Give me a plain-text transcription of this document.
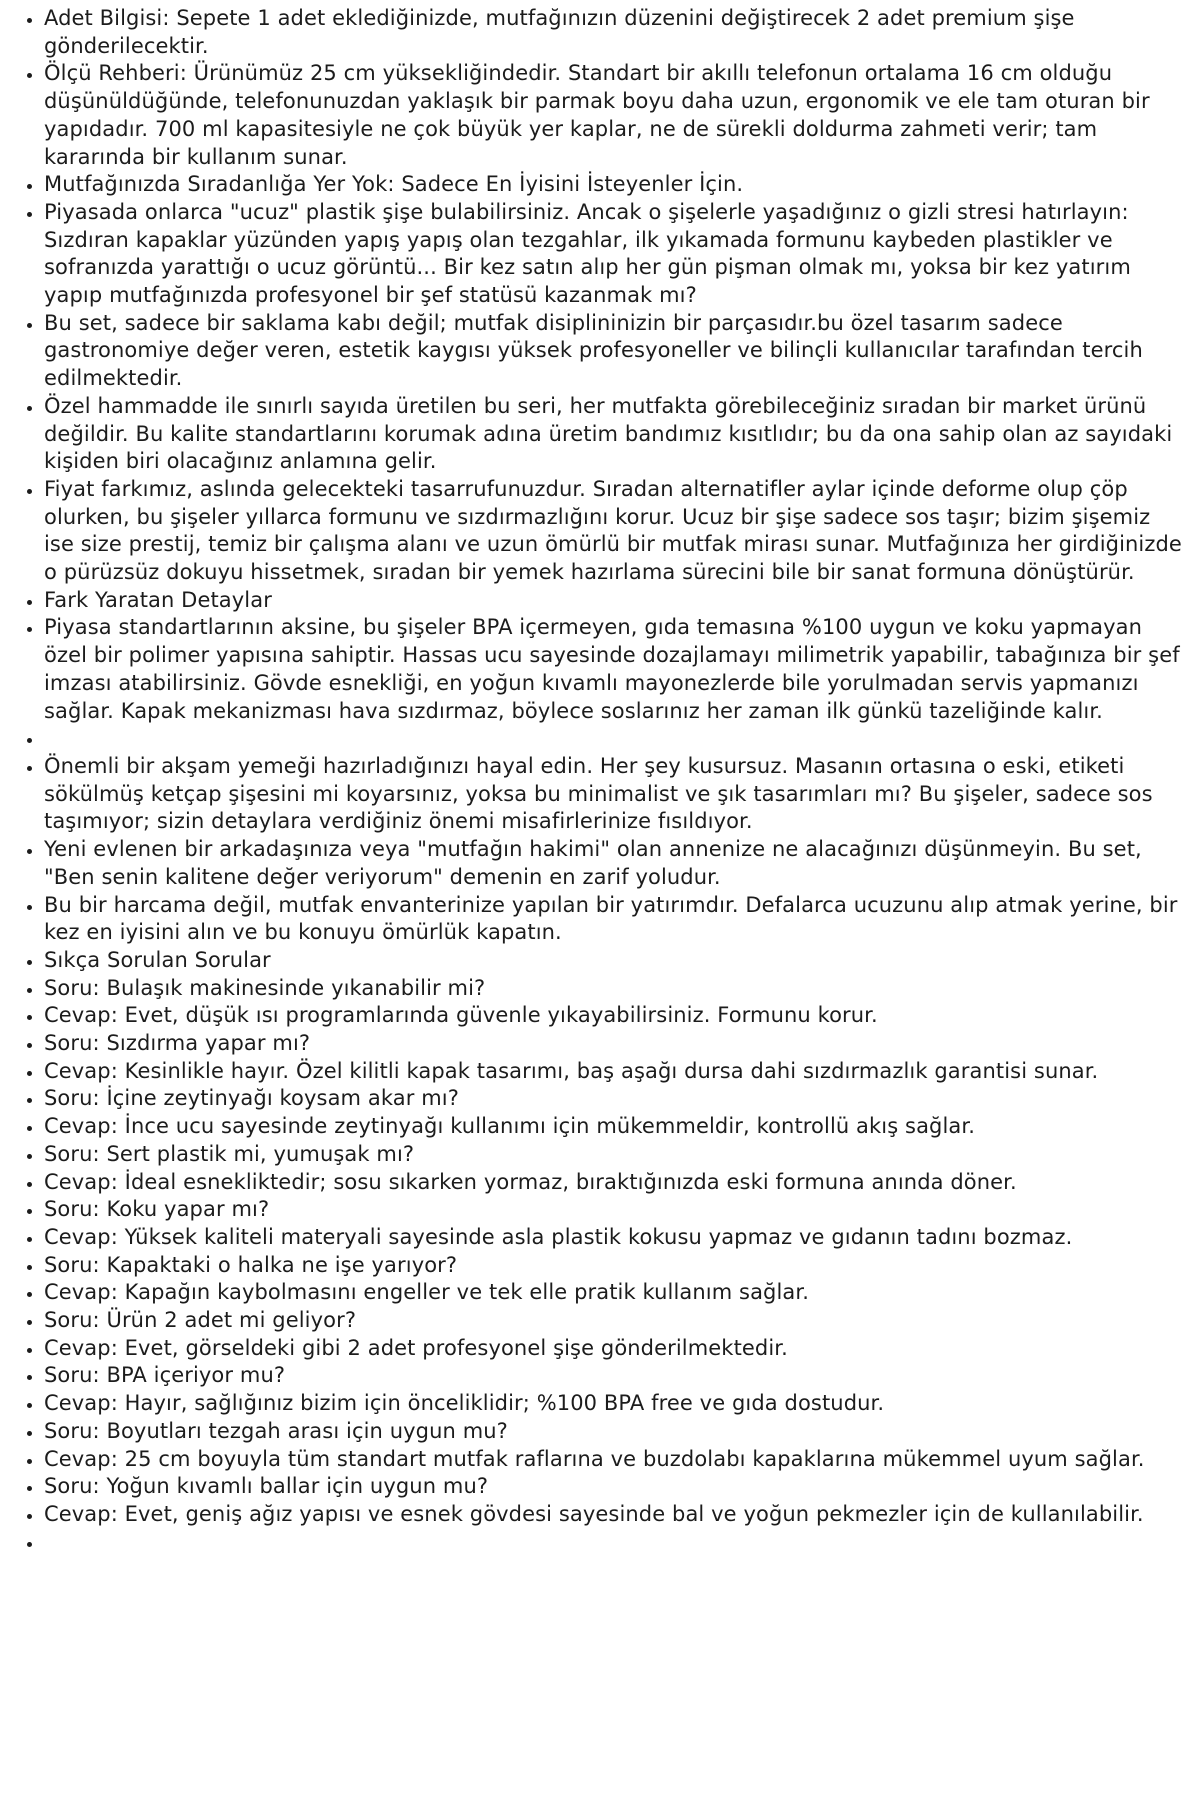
• Adet Bilgisi: Sepete 1 adet eklediğinizde, mutfağınızın düzenini değiştirecek 2 adet premium şişe gönderilecektir.
• Ölçü Rehberi: Ürünümüz 25 cm yüksekliğindedir. Standart bir akıllı telefonun ortalama 16 cm olduğu düşünüldüğünde, telefonunuzdan yaklaşık bir parmak boyu daha uzun, ergonomik ve ele tam oturan bir yapıdadır. 700 ml kapasitesiyle ne çok büyük yer kaplar, ne de sürekli doldurma zahmeti verir; tam kararında bir kullanım sunar.
• Mutfağınızda Sıradanlığa Yer Yok: Sadece En İyisini İsteyenler İçin.
• Piyasada onlarca "ucuz" plastik şişe bulabilirsiniz. Ancak o şişelerle yaşadığınız o gizli stresi hatırlayın: Sızdıran kapaklar yüzünden yapış yapış olan tezgahlar, ilk yıkamada formunu kaybeden plastikler ve sofranızda yarattığı o ucuz görüntü... Bir kez satın alıp her gün pişman olmak mı, yoksa bir kez yatırım yapıp mutfağınızda profesyonel bir şef statüsü kazanmak mı?
• Bu set, sadece bir saklama kabı değil; mutfak disiplininizin bir parçasıdır.bu özel tasarım sadece gastronomiye değer veren, estetik kaygısı yüksek profesyoneller ve bilinçli kullanıcılar tarafından tercih edilmektedir.
• Özel hammadde ile sınırlı sayıda üretilen bu seri, her mutfakta görebileceğiniz sıradan bir market ürünü değildir. Bu kalite standartlarını korumak adına üretim bandımız kısıtlıdır; bu da ona sahip olan az sayıdaki kişiden biri olacağınız anlamına gelir.
• Fiyat farkımız, aslında gelecekteki tasarrufunuzdur. Sıradan alternatifler aylar içinde deforme olup çöp olurken, bu şişeler yıllarca formunu ve sızdırmazlığını korur. Ucuz bir şişe sadece sos taşır; bizim şişemiz ise size prestij, temiz bir çalışma alanı ve uzun ömürlü bir mutfak mirası sunar. Mutfağınıza her girdiğinizde o pürüzsüz dokuyu hissetmek, sıradan bir yemek hazırlama sürecini bile bir sanat formuna dönüştürür.
• Fark Yaratan Detaylar
• Piyasa standartlarının aksine, bu şişeler BPA içermeyen, gıda temasına %100 uygun ve koku yapmayan özel bir polimer yapısına sahiptir. Hassas ucu sayesinde dozajlamayı milimetrik yapabilir, tabağınıza bir şef imzası atabilirsiniz. Gövde esnekliği, en yoğun kıvamlı mayonezlerde bile yorulmadan servis yapmanızı sağlar. Kapak mekanizması hava sızdırmaz, böylece soslarınız her zaman ilk günkü tazeliğinde kalır.
•
• Önemli bir akşam yemeği hazırladığınızı hayal edin. Her şey kusursuz. Masanın ortasına o eski, etiketi sökülmüş ketçap şişesini mi koyarsınız, yoksa bu minimalist ve şık tasarımları mı? Bu şişeler, sadece sos taşımıyor; sizin detaylara verdiğiniz önemi misafirlerinize fısıldıyor.
• Yeni evlenen bir arkadaşınıza veya "mutfağın hakimi" olan annenize ne alacağınızı düşünmeyin. Bu set, "Ben senin kalitene değer veriyorum" demenin en zarif yoludur.
• Bu bir harcama değil, mutfak envanterinize yapılan bir yatırımdır. Defalarca ucuzunu alıp atmak yerine, bir kez en iyisini alın ve bu konuyu ömürlük kapatın.
• Sıkça Sorulan Sorular
• Soru: Bulaşık makinesinde yıkanabilir mi?
• Cevap: Evet, düşük ısı programlarında güvenle yıkayabilirsiniz. Formunu korur.
• Soru: Sızdırma yapar mı?
• Cevap: Kesinlikle hayır. Özel kilitli kapak tasarımı, baş aşağı dursa dahi sızdırmazlık garantisi sunar.
• Soru: İçine zeytinyağı koysam akar mı?
• Cevap: İnce ucu sayesinde zeytinyağı kullanımı için mükemmeldir, kontrollü akış sağlar.
• Soru: Sert plastik mi, yumuşak mı?
• Cevap: İdeal esnekliktedir; sosu sıkarken yormaz, bıraktığınızda eski formuna anında döner.
• Soru: Koku yapar mı?
• Cevap: Yüksek kaliteli materyali sayesinde asla plastik kokusu yapmaz ve gıdanın tadını bozmaz.
• Soru: Kapaktaki o halka ne işe yarıyor?
• Cevap: Kapağın kaybolmasını engeller ve tek elle pratik kullanım sağlar.
• Soru: Ürün 2 adet mi geliyor?
• Cevap: Evet, görseldeki gibi 2 adet profesyonel şişe gönderilmektedir.
• Soru: BPA içeriyor mu?
• Cevap: Hayır, sağlığınız bizim için önceliklidir; %100 BPA free ve gıda dostudur.
• Soru: Boyutları tezgah arası için uygun mu?
• Cevap: 25 cm boyuyla tüm standart mutfak raflarına ve buzdolabı kapaklarına mükemmel uyum sağlar.
• Soru: Yoğun kıvamlı ballar için uygun mu?
• Cevap: Evet, geniş ağız yapısı ve esnek gövdesi sayesinde bal ve yoğun pekmezler için de kullanılabilir.
•
